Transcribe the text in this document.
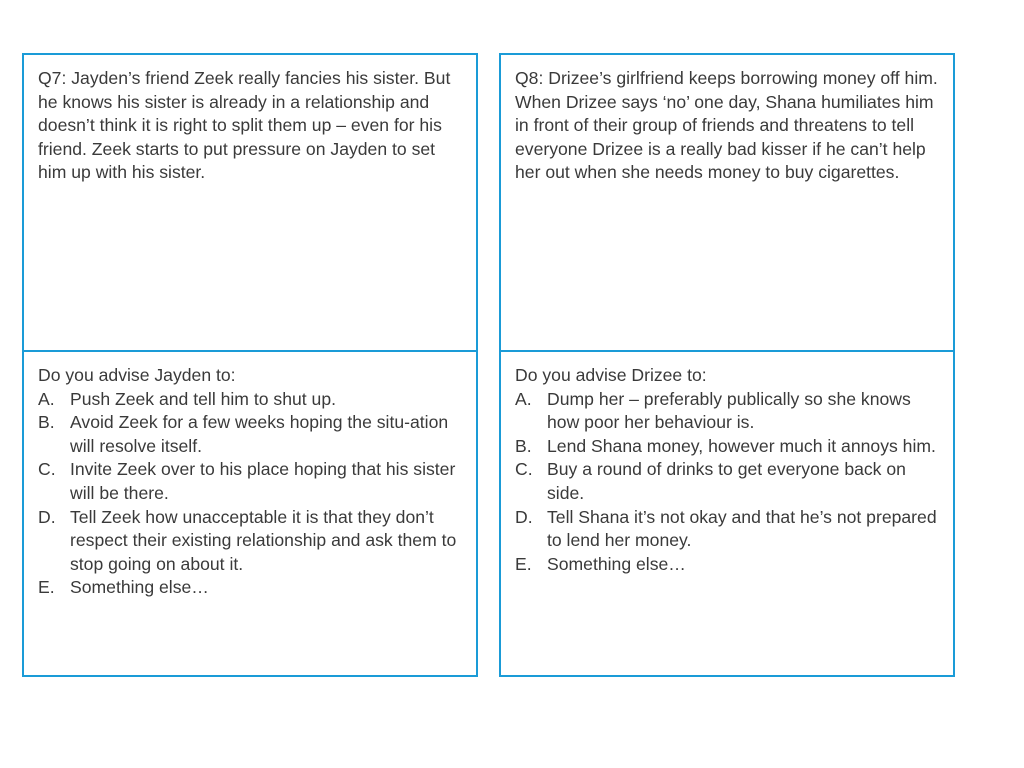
Q7: Jayden’s friend Zeek really fancies his sister. But he knows his sister is already in a relationship and doesn’t think it is right to split them up – even for his friend. Zeek starts to put pressure on Jayden to set him up with his sister.

Q8: Drizee’s girlfriend keeps borrowing money off him. When Drizee says ‘no’ one day, Shana humiliates him in front of their group of friends and threatens to tell everyone Drizee is a really bad kisser if he can’t help her out when she needs money to buy cigarettes.

Do you advise Jayden to:

A. Push Zeek and tell him to shut up.
B. Avoid Zeek for a few weeks hoping the situ-ation will resolve itself.
C. Invite Zeek over to his place hoping that his sister will be there.
D. Tell Zeek how unacceptable it is that they don’t respect their existing relationship and ask them to stop going on about it.
E. Something else…

Do you advise Drizee to:

A. Dump her – preferably publically so she knows how poor her behaviour is.
B. Lend Shana money, however much it annoys him.
C. Buy a round of drinks to get everyone back on side.
D. Tell Shana it’s not okay and that he’s not prepared to lend her money.
E. Something else…
